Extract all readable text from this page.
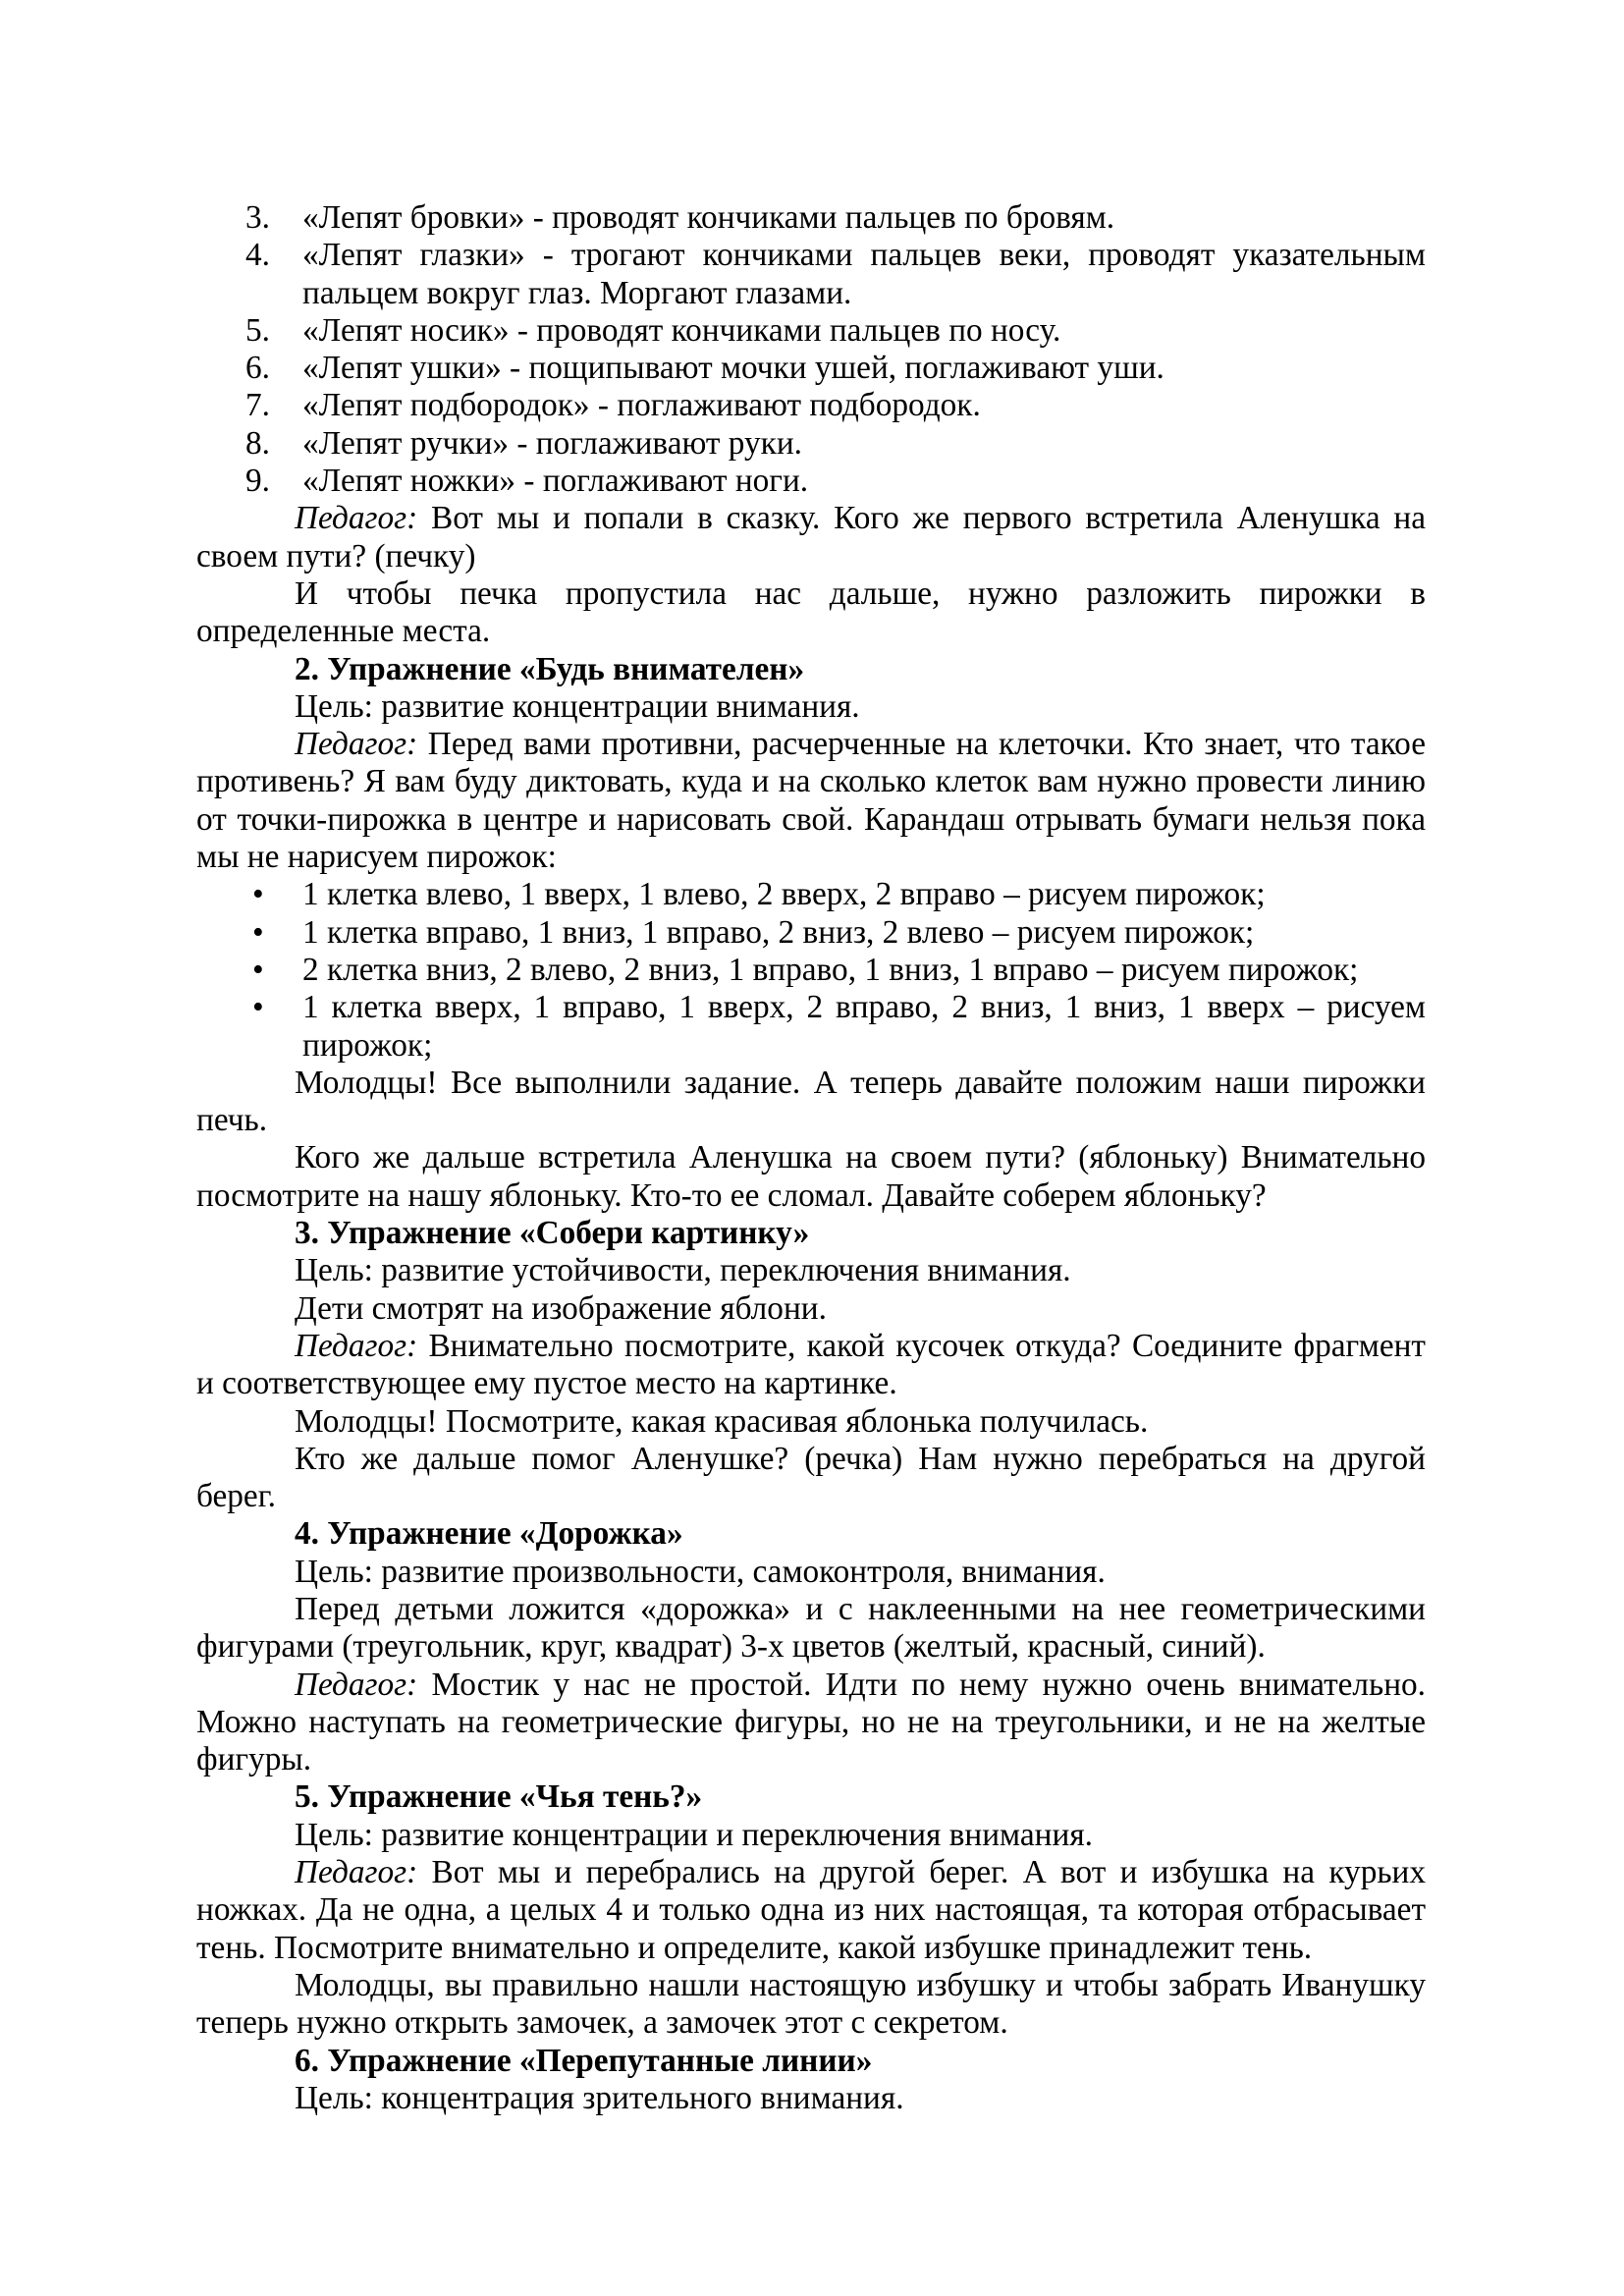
3. «Лепят бровки» - проводят кончиками пальцев по бровям.
4. «Лепят глазки» - трогают кончиками пальцев веки, проводят указательным пальцем вокруг глаз. Моргают глазами.
5. «Лепят носик» - проводят кончиками пальцев по носу.
6. «Лепят ушки» - пощипывают мочки ушей, поглаживают уши.
7. «Лепят подбородок» - поглаживают подбородок.
8. «Лепят ручки» - поглаживают руки.
9. «Лепят ножки» - поглаживают ноги.
Педагог: Вот мы и попали в сказку. Кого же первого встретила Аленушка на своем пути? (печку)
И чтобы печка пропустила нас дальше, нужно разложить пирожки в определенные места.
2. Упражнение «Будь внимателен»
Цель: развитие концентрации внимания.
Педагог: Перед вами противни, расчерченные на клеточки. Кто знает, что такое противень? Я вам буду диктовать, куда и на сколько клеток вам нужно провести линию от точки-пирожка в центре и нарисовать свой. Карандаш отрывать бумаги нельзя пока мы не нарисуем пирожок:
• 1 клетка влево, 1 вверх, 1 влево, 2 вверх, 2 вправо – рисуем пирожок;
• 1 клетка вправо, 1 вниз, 1 вправо, 2 вниз, 2 влево – рисуем пирожок;
• 2 клетка вниз, 2 влево, 2 вниз, 1 вправо, 1 вниз, 1 вправо – рисуем пирожок;
• 1 клетка вверх, 1 вправо, 1 вверх, 2 вправо, 2 вниз, 1 вниз, 1 вверх – рисуем пирожок;
Молодцы! Все выполнили задание. А теперь давайте положим наши пирожки печь.
Кого же дальше встретила Аленушка на своем пути? (яблоньку) Внимательно посмотрите на нашу яблоньку. Кто-то ее сломал. Давайте соберем яблоньку?
3. Упражнение «Собери картинку»
Цель: развитие устойчивости, переключения внимания.
Дети смотрят на изображение яблони.
Педагог: Внимательно посмотрите, какой кусочек откуда? Соедините фрагмент и соответствующее ему пустое место на картинке.
Молодцы! Посмотрите, какая красивая яблонька получилась.
Кто же дальше помог Аленушке? (речка) Нам нужно перебраться на другой берег.
4. Упражнение «Дорожка»
Цель: развитие произвольности, самоконтроля, внимания.
Перед детьми ложится «дорожка» и с наклеенными на нее геометрическими фигурами (треугольник, круг, квадрат) 3-х цветов (желтый, красный, синий).
Педагог: Мостик у нас не простой. Идти по нему нужно очень внимательно. Можно наступать на геометрические фигуры, но не на треугольники, и не на желтые фигуры.
5. Упражнение «Чья тень?»
Цель: развитие концентрации и переключения внимания.
Педагог: Вот мы и перебрались на другой берег. А вот и избушка на курьих ножках. Да не одна, а целых 4 и только одна из них настоящая, та которая отбрасывает тень. Посмотрите внимательно и определите, какой избушке принадлежит тень.
Молодцы, вы правильно нашли настоящую избушку и чтобы забрать Иванушку теперь нужно открыть замочек, а замочек этот с секретом.
6. Упражнение «Перепутанные линии»
Цель: концентрация зрительного внимания.
